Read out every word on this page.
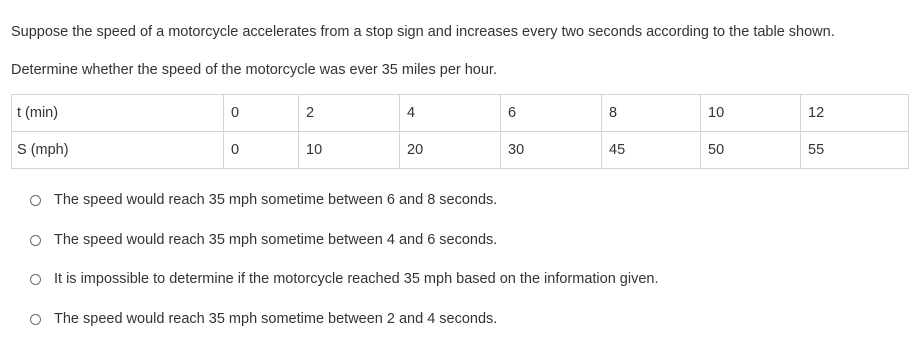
Suppose the speed of a motorcycle accelerates from a stop sign and increases every two seconds according to the table shown.
Determine whether the speed of the motorcycle was ever 35 miles per hour.
t (min)	0	2	4	6	8	10	12
S (mph)	0	10	20	30	45	50	55
The speed would reach 35 mph sometime between 6 and 8 seconds.
The speed would reach 35 mph sometime between 4 and 6 seconds.
It is impossible to determine if the motorcycle reached 35 mph based on the information given.
The speed would reach 35 mph sometime between 2 and 4 seconds.
